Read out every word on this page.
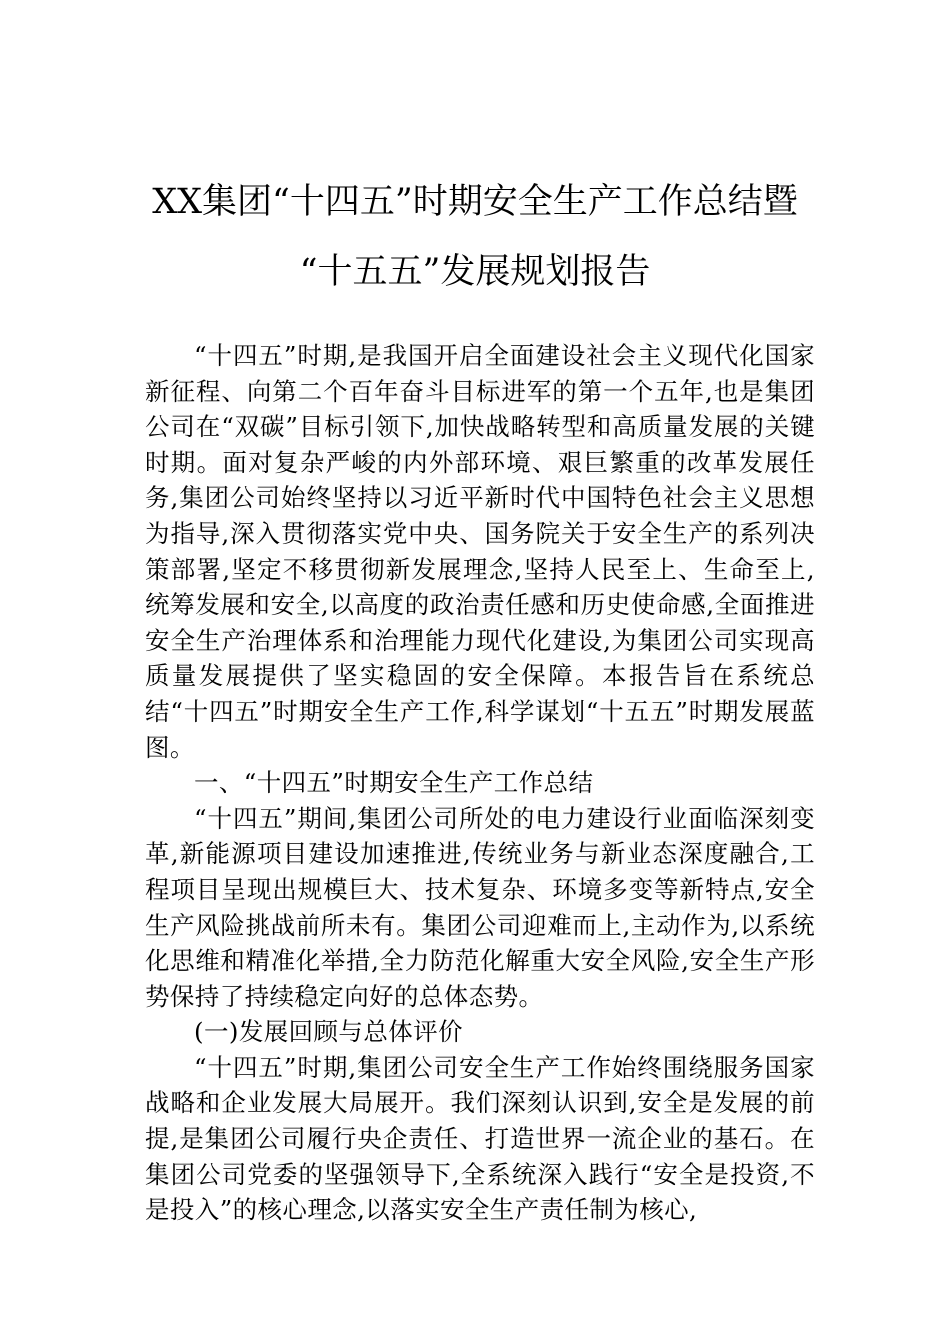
XX集团“十四五”时期安全生产工作总结暨
“十五五”发展规划报告

“十四五”时期,是我国开启全面建设社会主义现代化国家新征程、向第二个百年奋斗目标进军的第一个五年,也是集团公司在“双碳”目标引领下,加快战略转型和高质量发展的关键时期。面对复杂严峻的内外部环境、艰巨繁重的改革发展任务,集团公司始终坚持以习近平新时代中国特色社会主义思想为指导,深入贯彻落实党中央、国务院关于安全生产的系列决策部署,坚定不移贯彻新发展理念,坚持人民至上、生命至上,统筹发展和安全,以高度的政治责任感和历史使命感,全面推进安全生产治理体系和治理能力现代化建设,为集团公司实现高质量发展提供了坚实稳固的安全保障。本报告旨在系统总结“十四五”时期安全生产工作,科学谋划“十五五”时期发展蓝图。

一、“十四五”时期安全生产工作总结

“十四五”期间,集团公司所处的电力建设行业面临深刻变革,新能源项目建设加速推进,传统业务与新业态深度融合,工程项目呈现出规模巨大、技术复杂、环境多变等新特点,安全生产风险挑战前所未有。集团公司迎难而上,主动作为,以系统化思维和精准化举措,全力防范化解重大安全风险,安全生产形势保持了持续稳定向好的总体态势。

(一)发展回顾与总体评价

“十四五”时期,集团公司安全生产工作始终围绕服务国家战略和企业发展大局展开。我们深刻认识到,安全是发展的前提,是集团公司履行央企责任、打造世界一流企业的基石。在集团公司党委的坚强领导下,全系统深入践行“安全是投资,不是投入”的核心理念,以落实安全生产责任制为核心,
